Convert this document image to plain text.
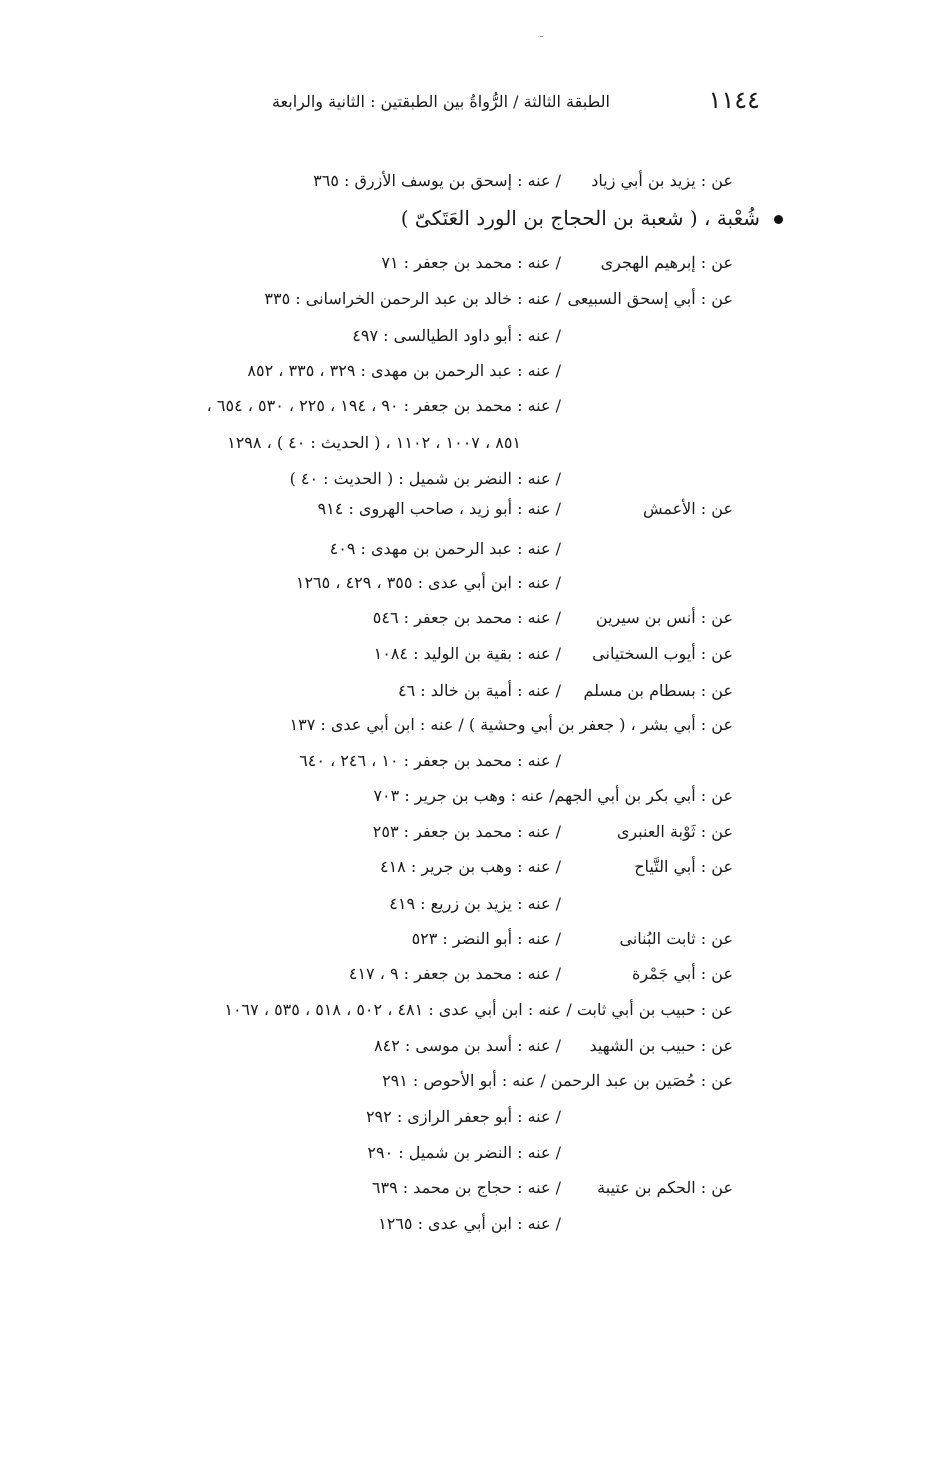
١١٤٤
الطبقة الثالثة / الرُّواةُ بين الطبقتين : الثانية والرابعة
عن : يزيد بن أبي زياد
/ عنه : إسحق بن يوسف الأزرق : ٣٦٥
شُعْبة ، ( شعبة بن الحجاج بن الورد العَتَكىّ )
عن : إبرهيم الهجرى
/ عنه : محمد بن جعفر : ٧١
عن : أبي إسحق السبيعى
/ عنه : خالد بن عبد الرحمن الخراسانى : ٣٣٥
/ عنه : أبو داود الطيالسى : ٤٩٧
/ عنه : عبد الرحمن بن مهدى : ٣٢٩ ، ٣٣٥ ، ٨٥٢
/ عنه : محمد بن جعفر : ٩٠ ، ١٩٤ ، ٢٢٥ ، ٥٣٠ ، ٦٥٤ ،
٨٥١ ، ١٠٠٧ ، ١١٠٢ ، ( الحديث : ٤٠ ) ، ١٢٩٨
/ عنه : النضر بن شميل : ( الحديث : ٤٠ )
عن : الأعمش
/ عنه : أبو زيد ، صاحب الهروى : ٩١٤
/ عنه : عبد الرحمن بن مهدى : ٤٠٩
/ عنه : ابن أبي عدى : ٣٥٥ ، ٤٢٩ ، ١٢٦٥
عن : أنس بن سيرين
/ عنه : محمد بن جعفر : ٥٤٦
عن : أيوب السختيانى
/ عنه : بقية بن الوليد : ١٠٨٤
عن : بسطام بن مسلم
/ عنه : أمية بن خالد : ٤٦
عن : أبي بشر ، ( جعفر بن أبي وحشية ) / عنه : ابن أبي عدى : ١٣٧
/ عنه : محمد بن جعفر : ١٠ ، ٢٤٦ ، ٦٤٠
عن : أبي بكر بن أبي الجهم/ عنه : وهب بن جرير : ٧٠٣
عن : ثَوْبة العنبرى
/ عنه : محمد بن جعفر : ٢٥٣
عن : أبي التَّياح
/ عنه : وهب بن جرير : ٤١٨
/ عنه : يزيد بن زريع : ٤١٩
عن : ثابت البُنانى
/ عنه : أبو النضر : ٥٢٣
عن : أبي جَمْرة
/ عنه : محمد بن جعفر : ٩ ، ٤١٧
عن : حبيب بن أبي ثابت / عنه : ابن أبي عدى : ٤٨١ ، ٥٠٢ ، ٥١٨ ، ٥٣٥ ، ١٠٦٧
عن : حبيب بن الشهيد
/ عنه : أسد بن موسى : ٨٤٢
عن : حُصَين بن عبد الرحمن / عنه : أبو الأحوص : ٢٩١
/ عنه : أبو جعفر الرازى : ٢٩٢
/ عنه : النضر بن شميل : ٢٩٠
عن : الحكم بن عتيبة
/ عنه : حجاج بن محمد : ٦٣٩
/ عنه : ابن أبي عدى : ١٢٦٥
